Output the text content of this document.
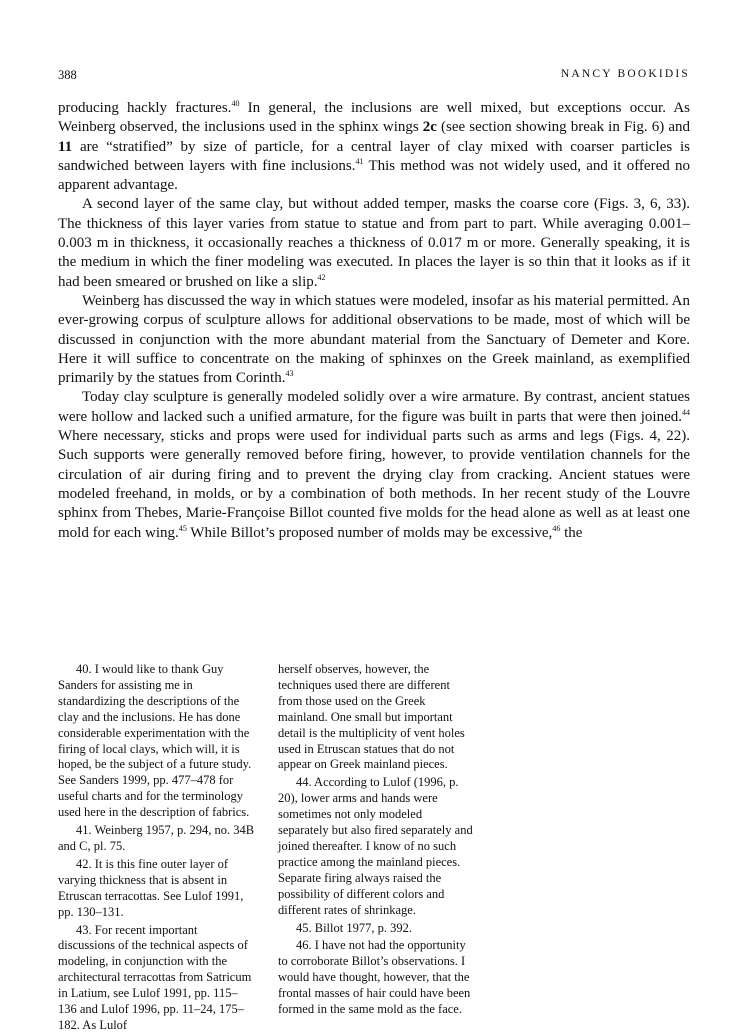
388	NANCY BOOKIDIS

producing hackly fractures.$^{40}$ In general, the inclusions are well mixed, but exceptions occur. As Weinberg observed, the inclusions used in the sphinx wings 2c (see section showing break in Fig. 6) and 11 are “stratified” by size of particle, for a central layer of clay mixed with coarser particles is sandwiched between layers with fine inclusions.$^{41}$ This method was not widely used, and it offered no apparent advantage.

A second layer of the same clay, but without added temper, masks the coarse core (Figs. 3, 6, 33). The thickness of this layer varies from statue to statue and from part to part. While averaging 0.001–0.003 m in thickness, it occasionally reaches a thickness of 0.017 m or more. Generally speaking, it is the medium in which the finer modeling was executed. In places the layer is so thin that it looks as if it had been smeared or brushed on like a slip.$^{42}$

Weinberg has discussed the way in which statues were modeled, insofar as his material permitted. An ever-growing corpus of sculpture allows for additional observations to be made, most of which will be discussed in conjunction with the more abundant material from the Sanctuary of Demeter and Kore. Here it will suffice to concentrate on the making of sphinxes on the Greek mainland, as exemplified primarily by the statues from Corinth.$^{43}$

Today clay sculpture is generally modeled solidly over a wire armature. By contrast, ancient statues were hollow and lacked such a unified armature, for the figure was built in parts that were then joined.$^{44}$ Where necessary, sticks and props were used for individual parts such as arms and legs (Figs. 4, 22). Such supports were generally removed before firing, however, to provide ventilation channels for the circulation of air during firing and to prevent the drying clay from cracking. Ancient statues were modeled freehand, in molds, or by a combination of both methods. In her recent study of the Louvre sphinx from Thebes, Marie-Françoise Billot counted five molds for the head alone as well as at least one mold for each wing.$^{45}$ While Billot’s proposed number of molds may be excessive,$^{46}$ the

40. I would like to thank Guy Sanders for assisting me in standardizing the descriptions of the clay and the inclusions. He has done considerable experimentation with the firing of local clays, which will, it is hoped, be the subject of a future study. See Sanders 1999, pp. 477–478 for useful charts and for the terminology used here in the description of fabrics.

41. Weinberg 1957, p. 294, no. 34B and C, pl. 75.

42. It is this fine outer layer of varying thickness that is absent in Etruscan terracottas. See Lulof 1991, pp. 130–131.

43. For recent important discussions of the technical aspects of modeling, in conjunction with the architectural terracottas from Satricum in Latium, see Lulof 1991, pp. 115–136 and Lulof 1996, pp. 11–24, 175–182. As Lulof

herself observes, however, the techniques used there are different from those used on the Greek mainland. One small but important detail is the multiplicity of vent holes used in Etruscan statues that do not appear on Greek mainland pieces.

44. According to Lulof (1996, p. 20), lower arms and hands were sometimes not only modeled separately but also fired separately and joined thereafter. I know of no such practice among the mainland pieces. Separate firing always raised the possibility of different colors and different rates of shrinkage.

45. Billot 1977, p. 392.

46. I have not had the opportunity to corroborate Billot’s observations. I would have thought, however, that the frontal masses of hair could have been formed in the same mold as the face.
